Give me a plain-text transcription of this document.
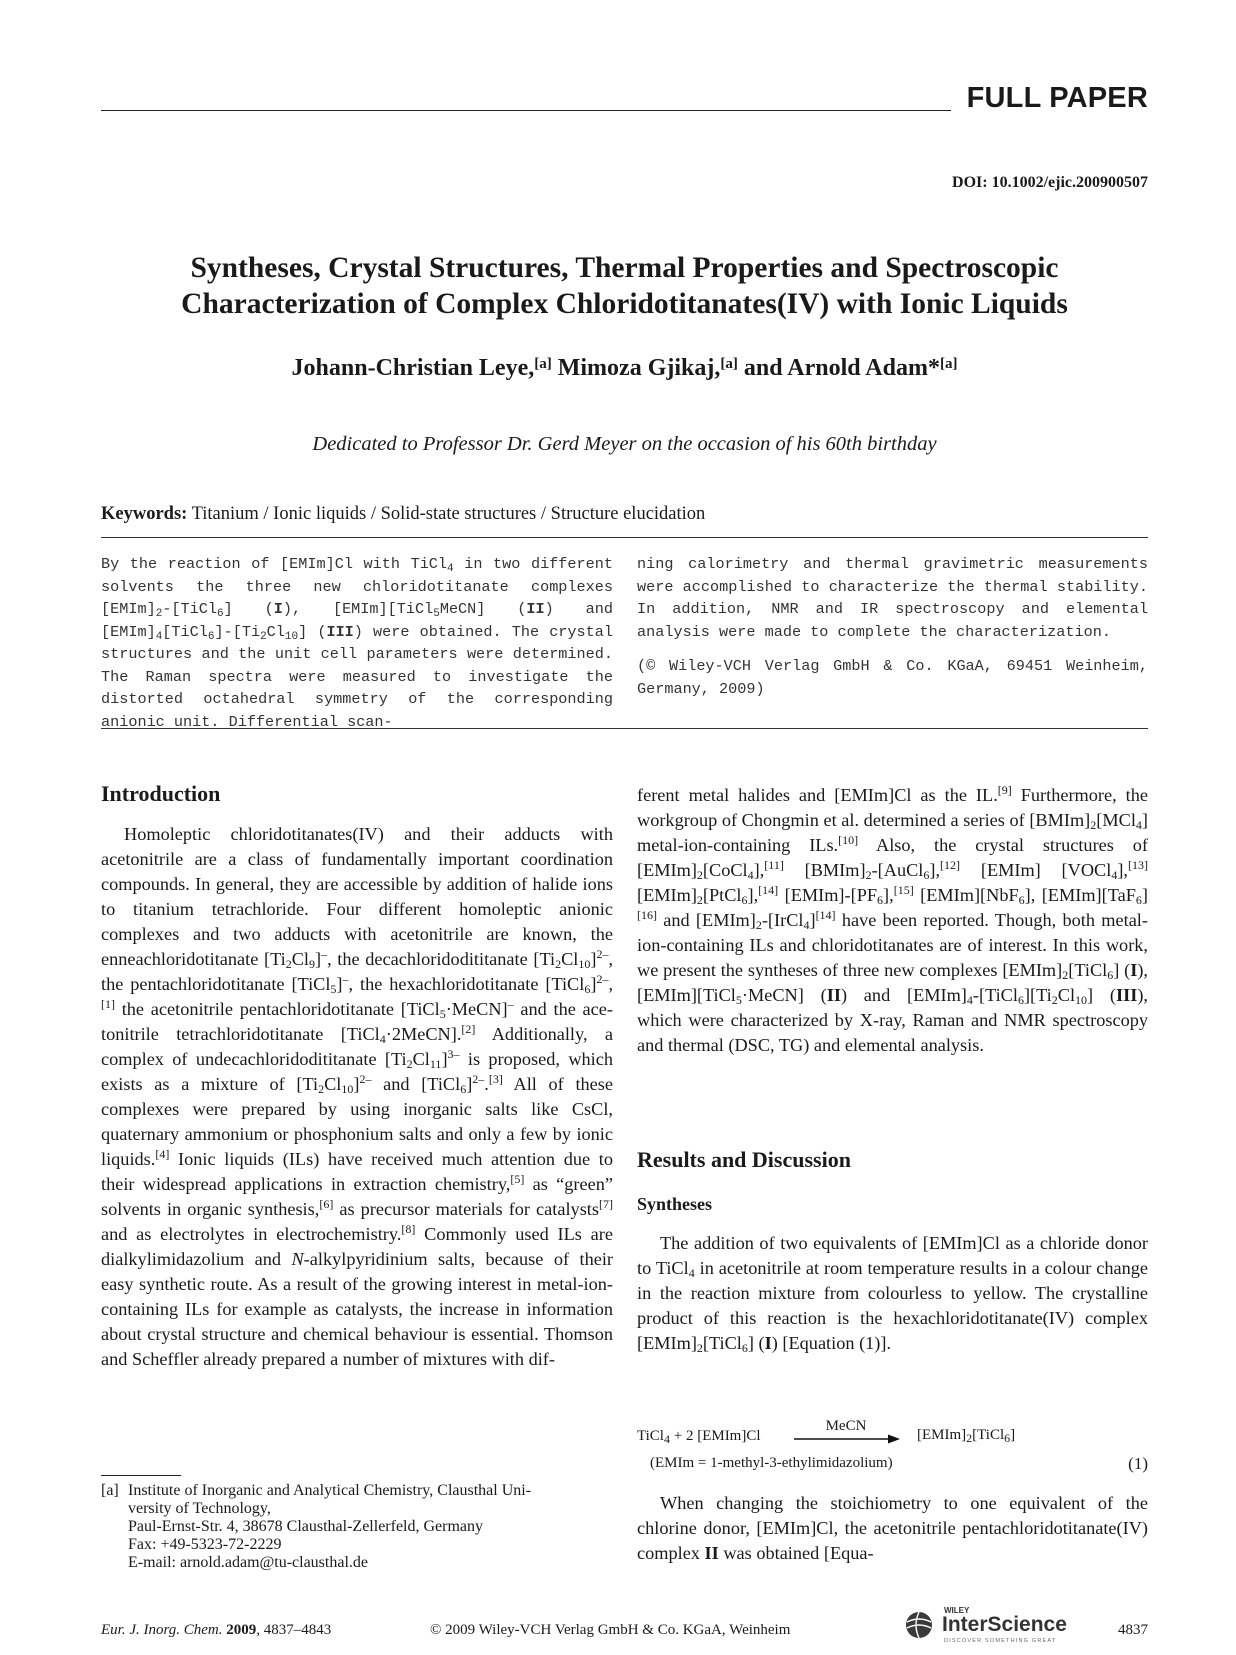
FULL PAPER
DOI: 10.1002/ejic.200900507
Syntheses, Crystal Structures, Thermal Properties and Spectroscopic
Characterization of Complex Chloridotitanates(IV) with Ionic Liquids
Johann-Christian Leye,[a] Mimoza Gjikaj,[a] and Arnold Adam*[a]
Dedicated to Professor Dr. Gerd Meyer on the occasion of his 60th birthday
Keywords: Titanium / Ionic liquids / Solid-state structures / Structure elucidation
By the reaction of [EMIm]Cl with TiCl$_4$ in two different solvents the three new chloridotitanate complexes $[EMIm]_2-[TiCl_6]$ (I), [EMIm][TiCl$_5$MeCN] (II) and $[EMIm]_4[TiCl_6]-[Ti_2Cl_{10}]$ (III) were obtained. The crystal structures and the unit cell parameters were determined. The Raman spectra were measured to investigate the distorted octahedral symmetry of the corresponding anionic unit. Differential scan-
ning calorimetry and thermal gravimetric measurements were accomplished to characterize the thermal stability. In addition, NMR and IR spectroscopy and elemental analysis were made to complete the characterization.
(© Wiley-VCH Verlag GmbH & Co. KGaA, 69451 Weinheim, Germany, 2009)
Introduction

Homoleptic chloridotitanates(IV) and their adducts with acetonitrile are a class of fundamentally important coordination compounds. In general, they are accessible by addition of halide ions to titanium tetrachloride. Four different homoleptic anionic complexes and two adducts with acetonitrile are known, the enneachloridotitanate $[Ti_2Cl_9]^-$, the decachloridodititanate $[Ti_2Cl_{10}]^{2-}$, the pentachloridotitanate [TiCl$_5$]–, the hexachloridotitanate [TiCl$_6$]$^{2-}$,[1] the acetonitrile pentachloridotitanate [TiCl$_5$·MeCN]– and the acetonitrile tetrachloridotitanate [TiCl$_4$·2MeCN].[2] Additionally, a complex of undecachloridodititanate $[Ti_2Cl_{11}]^{3-}$ is proposed, which exists as a mixture of $[Ti_2Cl_{10}]^{2-}$ and [TiCl$_6$]$^{2-}$.[3] All of these complexes were prepared by using inorganic salts like CsCl, quaternary ammonium or phosphonium salts and only a few by ionic liquids.[4] Ionic liquids (ILs) have received much attention due to their widespread applications in extraction chemistry,[5] as “green” solvents in organic synthesis,[6] as precursor materials for catalysts[7] and as electrolytes in electrochemistry.[8] Commonly used ILs are dialkylimidazolium and N-alkylpyridinium salts, because of their easy synthetic route. As a result of the growing interest in metal-ion-containing ILs for example as catalysts, the increase in information about crystal structure and chemical behaviour is essential. Thomson and Scheffler already prepared a number of mixtures with dif-

[a] Institute of Inorganic and Analytical Chemistry, Clausthal Uni-
versity of Technology,
Paul-Ernst-Str. 4, 38678 Clausthal-Zellerfeld, Germany
Fax: +49-5323-72-2229
E-mail: arnold.adam@tu-clausthal.de

ferent metal halides and [EMIm]Cl as the IL.[9] Furthermore, the workgroup of Chongmin et al. determined a series of $[BMIm]_2[MCl_4]$ metal-ion-containing ILs.[10] Also, the crystal structures of $[EMIm]_2[CoCl_4],[11]$ $[BMIm]_2-[AuCl_6],[12]$ [EMIm] [VOCl$_4$],[13] $[EMIm]_2[PtCl_6],[14]$ $[EMIm]-[PF_6],[15]$ [EMIm][NbF$_6$], [EMIm][TaF$_6$][16] and $[EMIm]_2-[IrCl_4][14]$ have been reported. Though, both metal-ion-containing ILs and chloridotitanates are of interest. In this work, we present the syntheses of three new complexes $[EMIm]_2[TiCl_6]$ (I), [EMIm][TiCl$_5$·MeCN] (II) and $[EMIm]_4-[TiCl_6][Ti_2Cl_{10}]$ (III), which were characterized by X-ray, Raman and NMR spectroscopy and thermal (DSC, TG) and elemental analysis.

Results and Discussion
Syntheses

The addition of two equivalents of [EMIm]Cl as a chloride donor to TiCl$_4$ in acetonitrile at room temperature results in a colour change in the reaction mixture from colourless to yellow. The crystalline product of this reaction is the hexachloridotitanate(IV) complex $[EMIm]_2[TiCl_6]$ (I) [Equation (1)].

TiCl$_4$ + 2 [EMIm]Cl
MeCN
$[EMIm]_2[TiCl_6]$
(EMIm = 1-methyl-3-ethylimidazolium)	(1)

When changing the stoichiometry to one equivalent of the chlorine donor, [EMIm]Cl, the acetonitrile pentachloridotitanate(IV) complex II was obtained [Equa-

Eur. J. Inorg. Chem. 2009, 4837–4843	© 2009 Wiley-VCH Verlag GmbH & Co. KGaA, Weinheim
WILEY
InterScience
DISCOVER SOMETHING GREAT
4837
